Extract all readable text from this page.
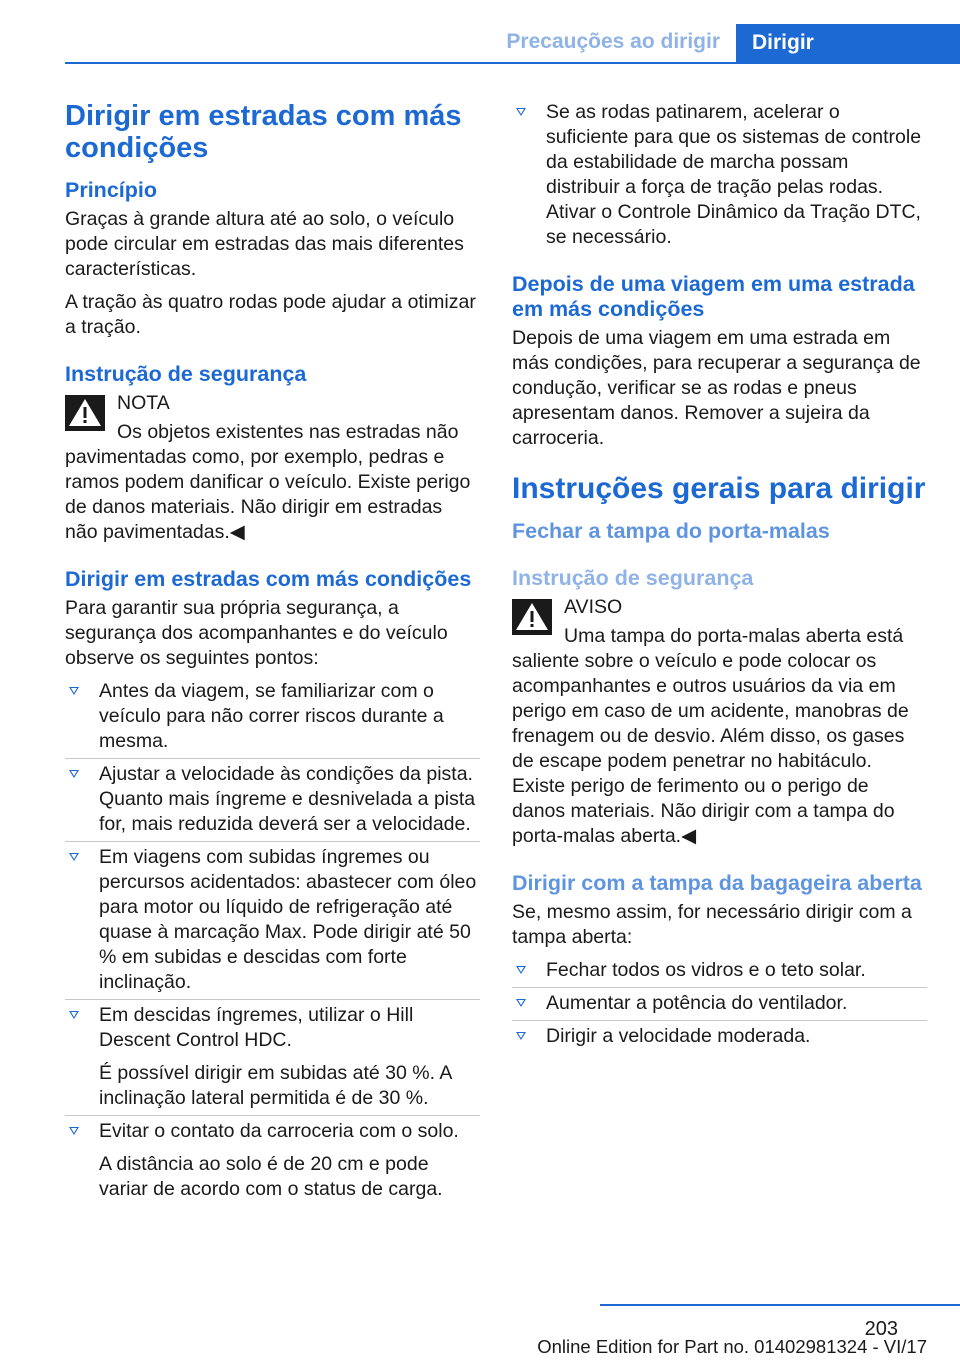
Precauções ao dirigir	Dirigir
Dirigir em estradas com más condições
Princípio

Graças à grande altura até ao solo, o veículo pode circular em estradas das mais diferentes características.

A tração às quatro rodas pode ajudar a otimizar a tração.

Instrução de segurança
NOTA

Os objetos existentes nas estradas não pavimentadas como, por exemplo, pedras e ramos podem danificar o veículo. Existe perigo de danos materiais. Não dirigir em estradas não pavimentadas.◀

Dirigir em estradas com más condições

Para garantir sua própria segurança, a segurança dos acompanhantes e do veículo observe os seguintes pontos:

Antes da viagem, se familiarizar com o veículo para não correr riscos durante a mesma.
Ajustar a velocidade às condições da pista. Quanto mais íngreme e desnivelada a pista for, mais reduzida deverá ser a velocidade.
Em viagens com subidas íngremes ou percursos acidentados: abastecer com óleo para motor ou líquido de refrigeração até quase à marcação Max. Pode dirigir até 50 % em subidas e descidas com forte inclinação.
Em descidas íngremes, utilizar o Hill Descent Control HDC.
É possível dirigir em subidas até 30 %. A inclinação lateral permitida é de 30 %.
Evitar o contato da carroceria com o solo.
A distância ao solo é de 20 cm e pode variar de acordo com o status de carga.
Se as rodas patinarem, acelerar o suficiente para que os sistemas de controle da estabilidade de marcha possam distribuir a força de tração pelas rodas. Ativar o Controle Dinâmico da Tração DTC, se necessário.
Depois de uma viagem em uma estrada em más condições

Depois de uma viagem em uma estrada em más condições, para recuperar a segurança de condução, verificar se as rodas e pneus apresentam danos. Remover a sujeira da carroceria.

Instruções gerais para dirigir
Fechar a tampa do porta-malas
Instrução de segurança
AVISO

Uma tampa do porta-malas aberta está saliente sobre o veículo e pode colocar os acompanhantes e outros usuários da via em perigo em caso de um acidente, manobras de frenagem ou de desvio. Além disso, os gases de escape podem penetrar no habitáculo. Existe perigo de ferimento ou o perigo de danos materiais. Não dirigir com a tampa do porta-malas aberta.◀

Dirigir com a tampa da bagageira aberta

Se, mesmo assim, for necessário dirigir com a tampa aberta:

Fechar todos os vidros e o teto solar.
Aumentar a potência do ventilador.
Dirigir a velocidade moderada.
203
Online Edition for Part no. 01402981324 - VI/17
